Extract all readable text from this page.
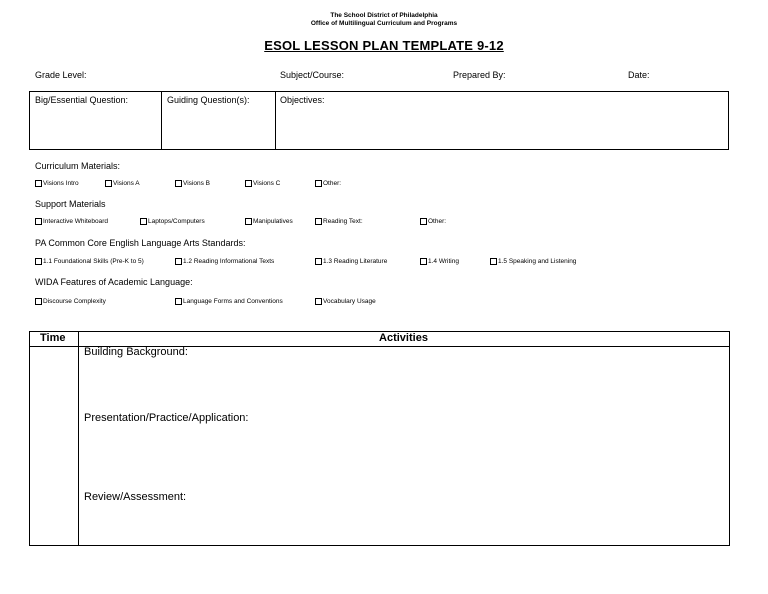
The School District of Philadelphia
Office of Multilingual Curriculum and Programs
ESOL LESSON PLAN TEMPLATE 9-12
Grade Level:	Subject/Course:	Prepared By:	Date:
Big/Essential Question:	Guiding Question(s):	Objectives:
Curriculum Materials:
Visions Intro	Visions A	Visions B	Visions C	Other:
Support Materials
Interactive Whiteboard	Laptops/Computers	Manipulatives	Reading Text:	Other:
PA Common Core English Language Arts Standards:
1.1 Foundational Skills (Pre-K to 5)	1.2 Reading Informational Texts	1.3 Reading Literature	1.4 Writing	1.5 Speaking and Listening
WIDA Features of Academic Language:
Discourse Complexity	Language Forms and Conventions	Vocabulary Usage
Time	Activities
Building Background:
Presentation/Practice/Application:
Review/Assessment:
